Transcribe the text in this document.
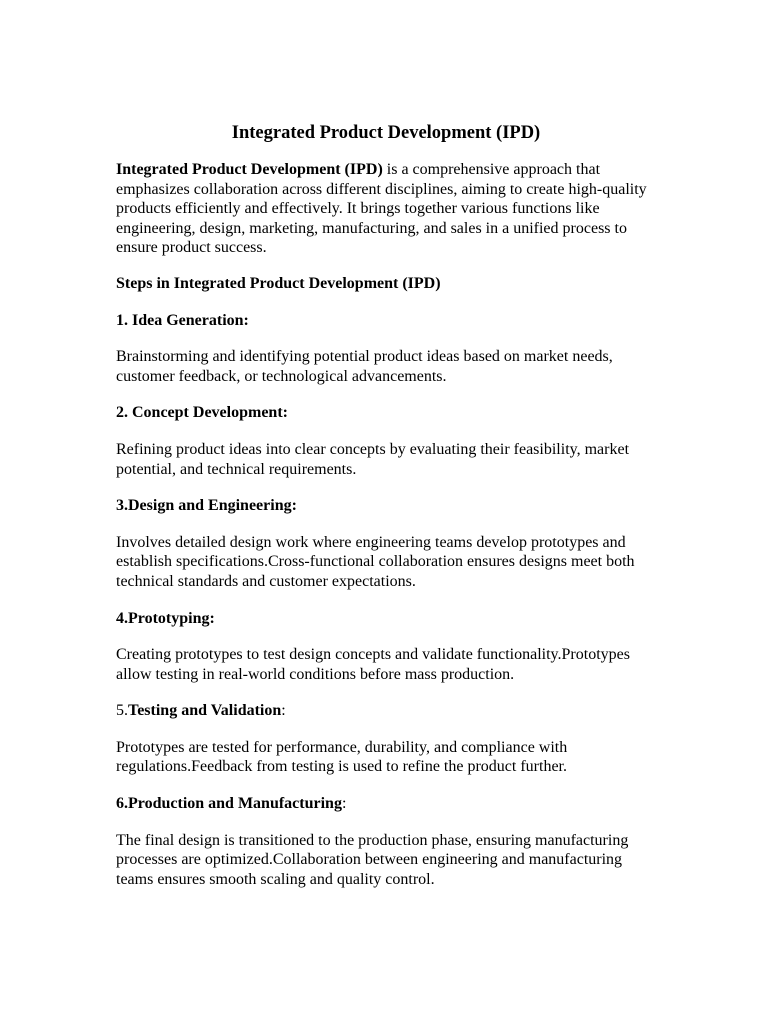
Integrated Product Development (IPD)

Integrated Product Development (IPD) is a comprehensive approach that emphasizes collaboration across different disciplines, aiming to create high-quality products efficiently and effectively. It brings together various functions like engineering, design, marketing, manufacturing, and sales in a unified process to ensure product success.

Steps in Integrated Product Development (IPD)

1. Idea Generation:

Brainstorming and identifying potential product ideas based on market needs, customer feedback, or technological advancements.

2. Concept Development:

Refining product ideas into clear concepts by evaluating their feasibility, market potential, and technical requirements.

3.Design and Engineering:

Involves detailed design work where engineering teams develop prototypes and establish specifications.Cross-functional collaboration ensures designs meet both technical standards and customer expectations.

4.Prototyping:

Creating prototypes to test design concepts and validate functionality.Prototypes allow testing in real-world conditions before mass production.

5.Testing and Validation:

Prototypes are tested for performance, durability, and compliance with regulations.Feedback from testing is used to refine the product further.

6.Production and Manufacturing:

The final design is transitioned to the production phase, ensuring manufacturing processes are optimized.Collaboration between engineering and manufacturing teams ensures smooth scaling and quality control.
